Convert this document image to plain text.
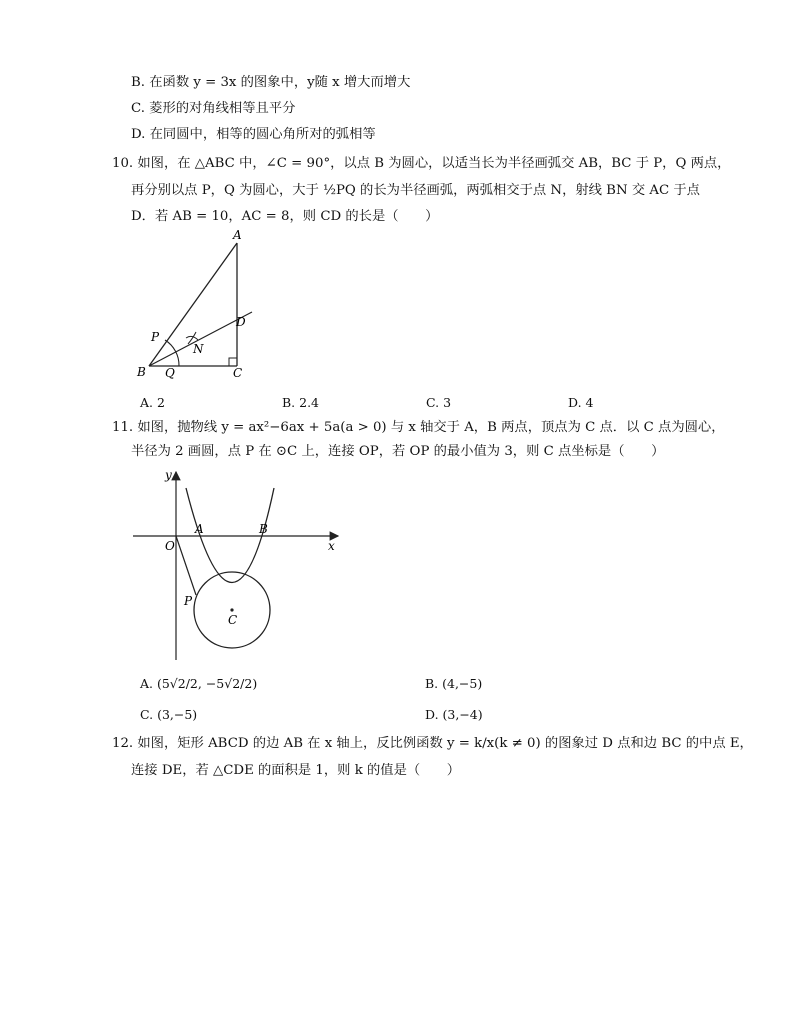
B. 在函数 y = 3x 的图象中，y随 x 增大而增大
C. 菱形的对角线相等且平分
D. 在同圆中，相等的圆心角所对的弧相等
10. 如图，在 △ABC 中，∠C = 90°，以点 B 为圆心，以适当长为半径画弧交 AB，BC 于 P，Q 两点，
再分别以点 P，Q 为圆心，大于 ½PQ 的长为半径画弧，两弧相交于点 N，射线 BN 交 AC 于点
D．若 AB = 10，AC = 8，则 CD 的长是（　　）
A
B	C
D
P
Q
N
A. 2	B. 2.4	C. 3	D. 4
11. 如图，抛物线 y = ax²−6ax + 5a(a > 0) 与 x 轴交于 A，B 两点，顶点为 C 点．以 C 点为圆心，
半径为 2 画圆，点 P 在 ⊙C 上，连接 OP，若 OP 的最小值为 3，则 C 点坐标是（　　）
y
x
O
A	B
P
C
A. (5√2/2, −5√2/2)	B. (4,−5)
C. (3,−5)	D. (3,−4)
12. 如图，矩形 ABCD 的边 AB 在 x 轴上，反比例函数 y = k/x(k ≠ 0) 的图象过 D 点和边 BC 的中点 E，
连接 DE，若 △CDE 的面积是 1，则 k 的值是（　　）
